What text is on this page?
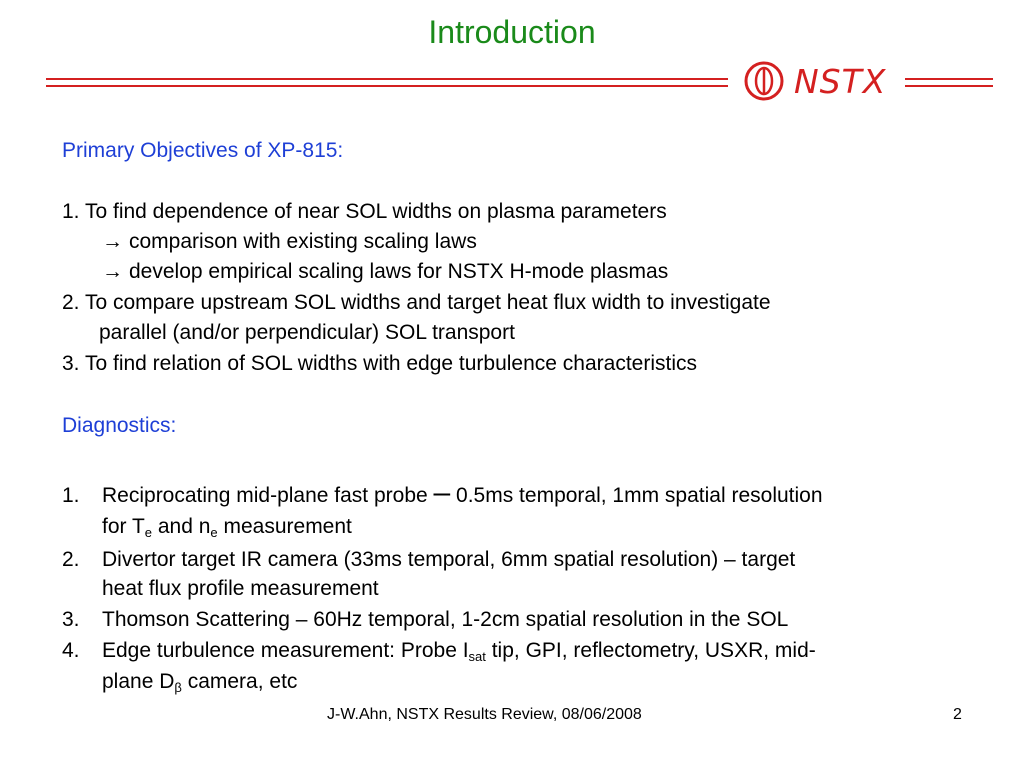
Introduction
NSTX
Primary Objectives of XP-815:
1. To find dependence of near SOL widths on plasma parameters
→ comparison with existing scaling laws
→ develop empirical scaling laws for NSTX H-mode plasmas
2. To compare upstream SOL widths and target heat flux width to investigate
parallel (and/or perpendicular) SOL transport
3. To find relation of SOL widths with edge turbulence characteristics
Diagnostics:
1. Reciprocating mid-plane fast probe – 0.5ms temporal, 1mm spatial resolution
for $T_e$ and $n_e$ measurement
2. Divertor target IR camera (33ms temporal, 6mm spatial resolution) – target
heat flux profile measurement
3. Thomson Scattering – 60Hz temporal, 1-2cm spatial resolution in the SOL
4. Edge turbulence measurement: Probe $I_{sat}$ tip, GPI, reflectometry, USXR, mid-
plane $D_\beta$ camera, etc
J-W.Ahn, NSTX Results Review, 08/06/2008	2
